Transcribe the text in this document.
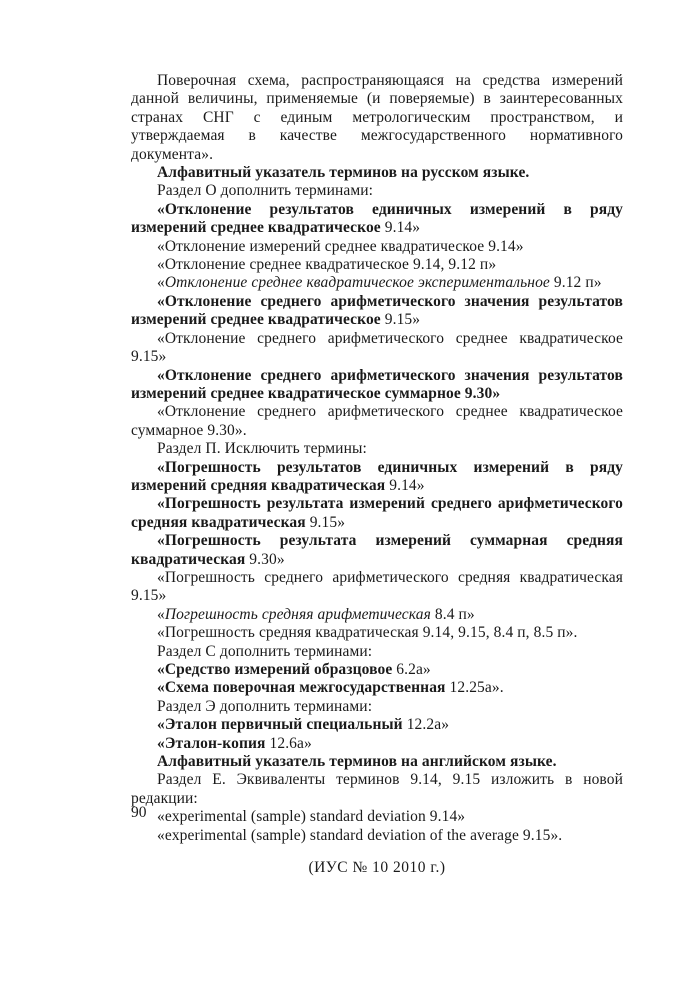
Поверочная схема, распространяющаяся на средства измерений данной величины, применяемые (и поверяемые) в заинтересованных странах СНГ с единым метрологическим пространством, и утверждаемая в качестве межгосударственного нормативного документа».

Алфавитный указатель терминов на русском языке.

Раздел О дополнить терминами:

«Отклонение результатов единичных измерений в ряду измерений среднее квадратическое 9.14»

«Отклонение измерений среднее квадратическое 9.14»

«Отклонение среднее квадратическое 9.14, 9.12 п»

«Отклонение среднее квадратическое экспериментальное 9.12 п»

«Отклонение среднего арифметического значения результатов измерений среднее квадратическое 9.15»

«Отклонение среднего арифметического среднее квадратическое 9.15»

«Отклонение среднего арифметического значения результатов измерений среднее квадратическое суммарное 9.30»

«Отклонение среднего арифметического среднее квадратическое суммарное 9.30».

Раздел П. Исключить термины:

«Погрешность результатов единичных измерений в ряду измерений средняя квадратическая 9.14»

«Погрешность результата измерений среднего арифметического средняя квадратическая 9.15»

«Погрешность результата измерений суммарная средняя квадратическая 9.30»

«Погрешность среднего арифметического средняя квадратическая 9.15»

«Погрешность средняя арифметическая 8.4 п»

«Погрешность средняя квадратическая 9.14, 9.15, 8.4 п, 8.5 п».

Раздел С дополнить терминами:

«Средство измерений образцовое 6.2а»

«Схема поверочная межгосударственная 12.25а».

Раздел Э дополнить терминами:

«Эталон первичный специальный 12.2а»

«Эталон-копия 12.6а»

Алфавитный указатель терминов на английском языке.

Раздел Е. Эквиваленты терминов 9.14, 9.15 изложить в новой редакции:

«experimental (sample) standard deviation 9.14»

«experimental (sample) standard deviation of the average 9.15».

(ИУС № 10 2010 г.)

90
